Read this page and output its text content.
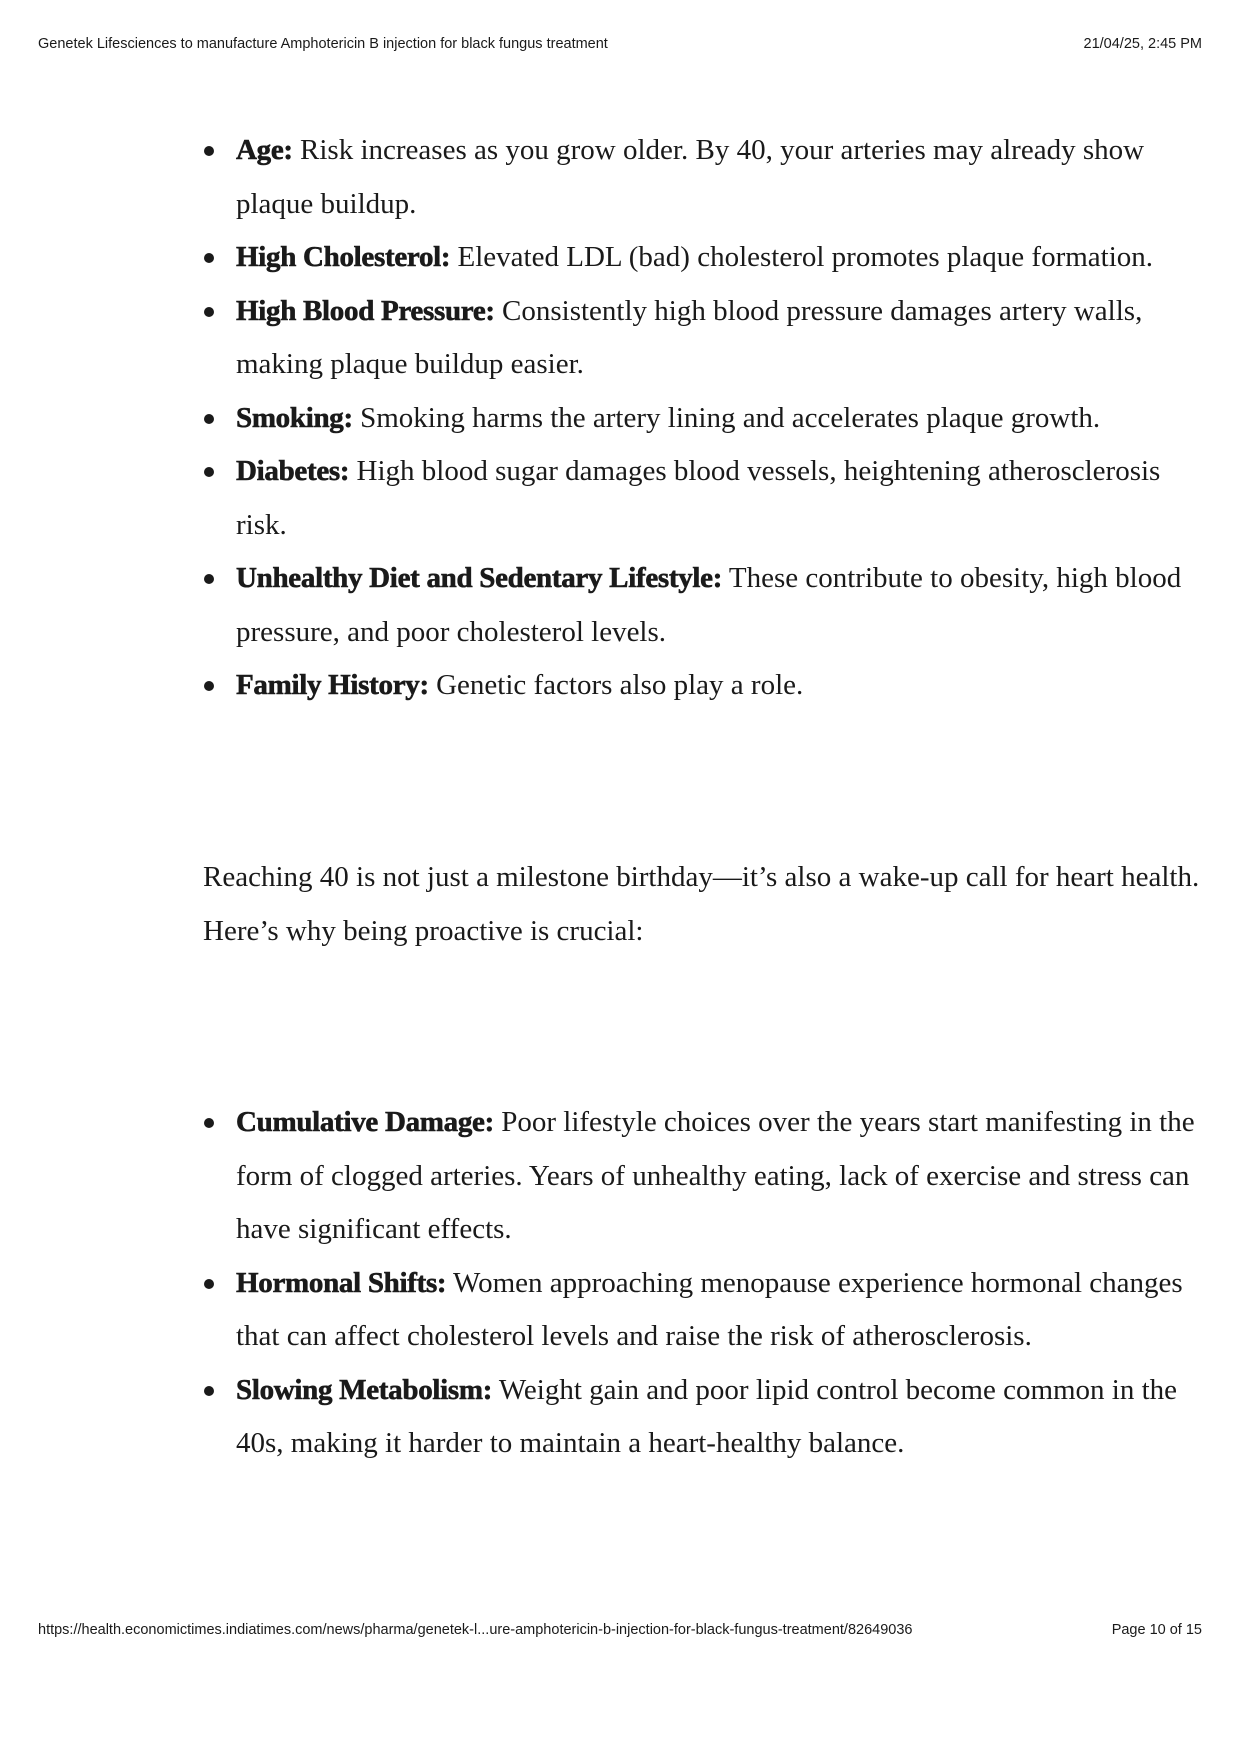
Genetek Lifesciences to manufacture Amphotericin B injection for black fungus treatment	21/04/25, 2:45 PM
Age: Risk increases as you grow older. By 40, your arteries may already show plaque buildup.
High Cholesterol: Elevated LDL (bad) cholesterol promotes plaque formation.
High Blood Pressure: Consistently high blood pressure damages artery walls, making plaque buildup easier.
Smoking: Smoking harms the artery lining and accelerates plaque growth.
Diabetes: High blood sugar damages blood vessels, heightening atherosclerosis risk.
Unhealthy Diet and Sedentary Lifestyle: These contribute to obesity, high blood pressure, and poor cholesterol levels.
Family History: Genetic factors also play a role.

Reaching 40 is not just a milestone birthday—it’s also a wake-up call for heart health. Here’s why being proactive is crucial:

Cumulative Damage: Poor lifestyle choices over the years start manifesting in the form of clogged arteries. Years of unhealthy eating, lack of exercise and stress can have significant effects.
Hormonal Shifts: Women approaching menopause experience hormonal changes that can affect cholesterol levels and raise the risk of atherosclerosis.
Slowing Metabolism: Weight gain and poor lipid control become common in the 40s, making it harder to maintain a heart-healthy balance.
https://health.economictimes.indiatimes.com/news/pharma/genetek-l...ure-amphotericin-b-injection-for-black-fungus-treatment/82649036	Page 10 of 15
